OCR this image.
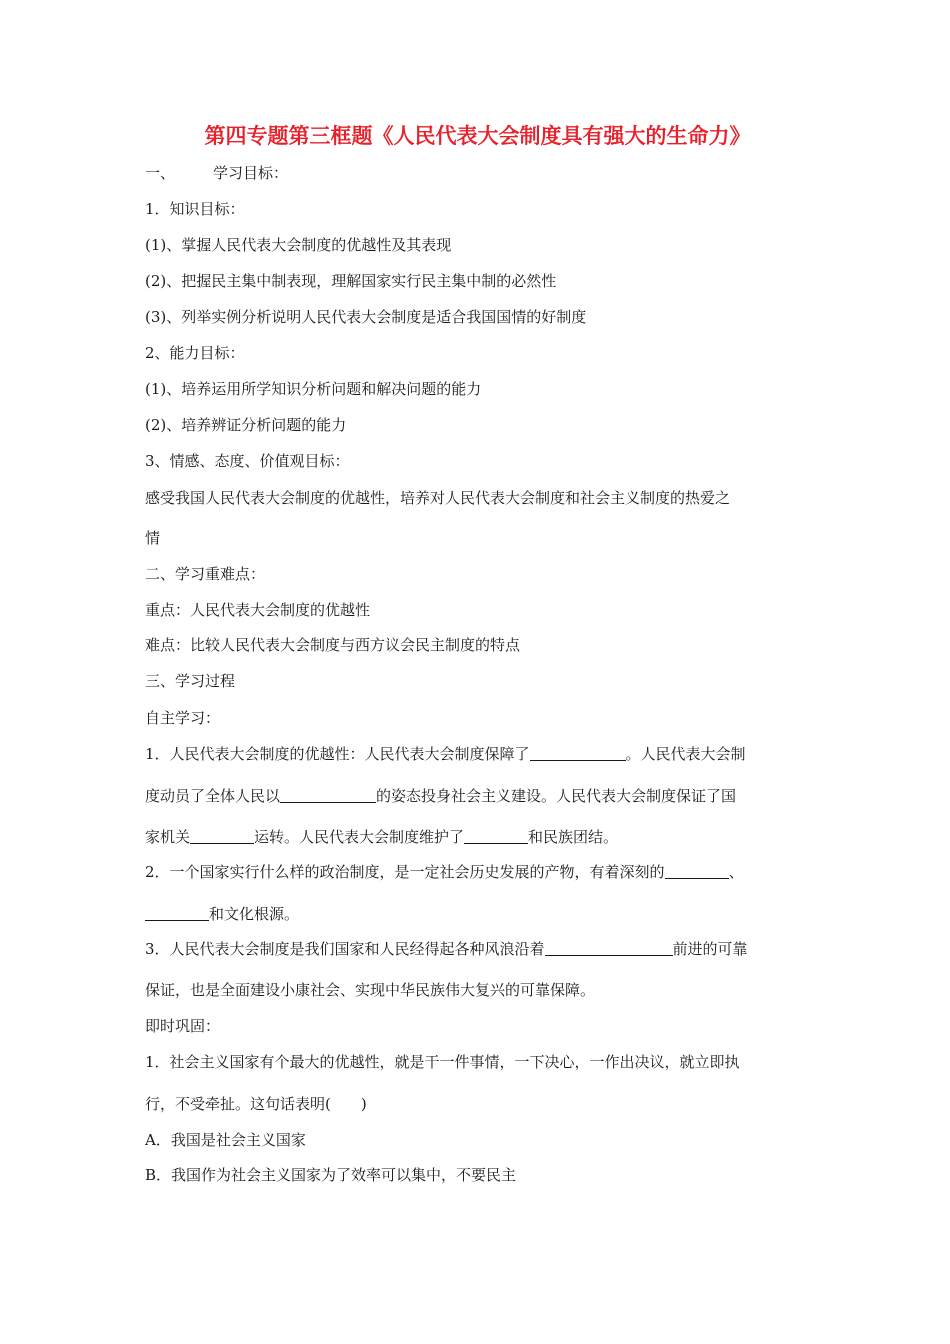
第四专题第三框题《人民代表大会制度具有强大的生命力》
一、	学习目标：
1．知识目标：
(1)、掌握人民代表大会制度的优越性及其表现
(2)、把握民主集中制表现，理解国家实行民主集中制的必然性
(3)、列举实例分析说明人民代表大会制度是适合我国国情的好制度
2、能力目标：
(1)、培养运用所学知识分析问题和解决问题的能力
(2)、培养辨证分析问题的能力
3、情感、态度、价值观目标：
感受我国人民代表大会制度的优越性，培养对人民代表大会制度和社会主义制度的热爱之
情
二、学习重难点：
重点：人民代表大会制度的优越性
难点：比较人民代表大会制度与西方议会民主制度的特点
三、学习过程
自主学习：
1．人民代表大会制度的优越性：人民代表大会制度保障了	。人民代表大会制
度动员了全体人民以	的姿态投身社会主义建设。人民代表大会制度保证了国
家机关	运转。人民代表大会制度维护了	和民族团结。
2．一个国家实行什么样的政治制度，是一定社会历史发展的产物，有着深刻的	、
和文化根源。
3．人民代表大会制度是我们国家和人民经得起各种风浪沿着	前进的可靠
保证，也是全面建设小康社会、实现中华民族伟大复兴的可靠保障。
即时巩固：
1．社会主义国家有个最大的优越性，就是干一件事情，一下决心，一作出决议，就立即执
行，不受牵扯。这句话表明(　　)
A．我国是社会主义国家
B．我国作为社会主义国家为了效率可以集中，不要民主
